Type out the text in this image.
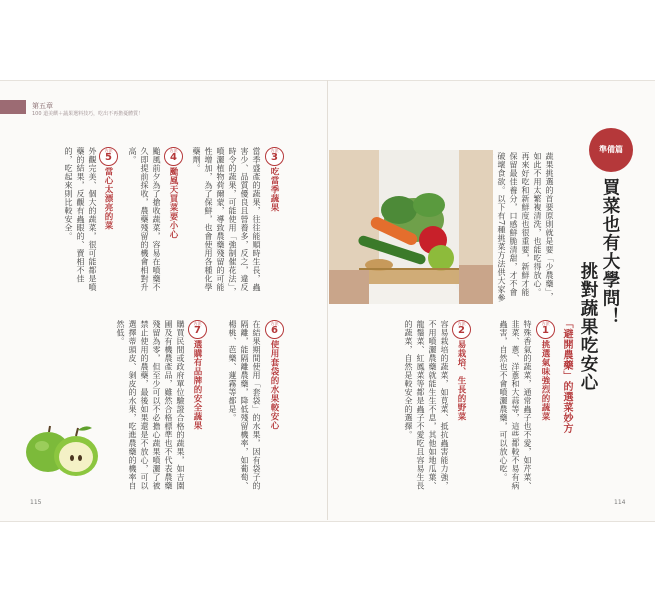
第五章
100 道美饌＋蔬果選料技巧，吃出不再擔憂體質！
準備篇
買菜也有大學問！
挑對蔬果吃安心
「避開農藥」的選菜妙方
蔬果挑選的首要原則就是要「少農藥」，如此不用太繁複清洗，也能吃得放心。再來好吃和新鮮度也很重要，新鮮才能保留最佳養分，口感鮮脆清甜，才不會破壞食欲。以下有7種挑菜方法供大家參
方法
1
挑選氣味強烈的蔬菜
特殊香氣的蔬菜，通常蟲子也不愛，如芹菜、韭菜、蔥、洋蔥和大蒜等，這些都較不易有病蟲害，自然也不會噴灑農藥，可以放心吃。
方法
2
易栽培、生長的野菜
容易栽培的蔬菜，如莧菜、抵抗蟲害能力強，不用噴灑農藥就能生生不息，其他如地瓜葉、龍鬚菜、紅鳳菜等都是蟲子不愛吃且容易生長的蔬菜，自然是較安全的選擇。
114
方法
3
吃當季蔬果
當季盛產的蔬果，往往能順時生長，蟲害少、品質優良且營養多，反之，違反時令的蔬果，可能使用「強制催花法」，噴灑植物荷爾蒙，導致農藥殘留的可能性增加，為了保鮮，也會使用各種化學藥劑。
方法
4
颱風天買菜要小心
颱風前夕為了搶收蔬菜，容易在噴藥不久即提前採收，農藥殘留的機會相對升高。
方法
5
當心太漂亮的菜
外觀完美、個大的蔬菜，很可能都是噴藥的結果，反觀有蟲眼的、賣相不佳的，吃起來則比較安全。
方法
6
使用套袋的水果較安心
在結果期間使用「套袋」的水果，因有袋子的隔離，能隔離農藥，降低殘留機率，如葡萄、楊桃、芭樂、蓮霧等都是。
方法
7
選購有品牌的安全蔬果
購買民間或政府單位驗證合格的蔬果，如吉園圃及有機農產品，雖然合格標準也不代表農藥殘留為零，但至少可以不必擔心蔬果噴灑了被禁止使用的農藥，最後如果還是不放心，可以選擇蒂頭皮、剝皮的水果，吃進農藥的機率自然低。
115
